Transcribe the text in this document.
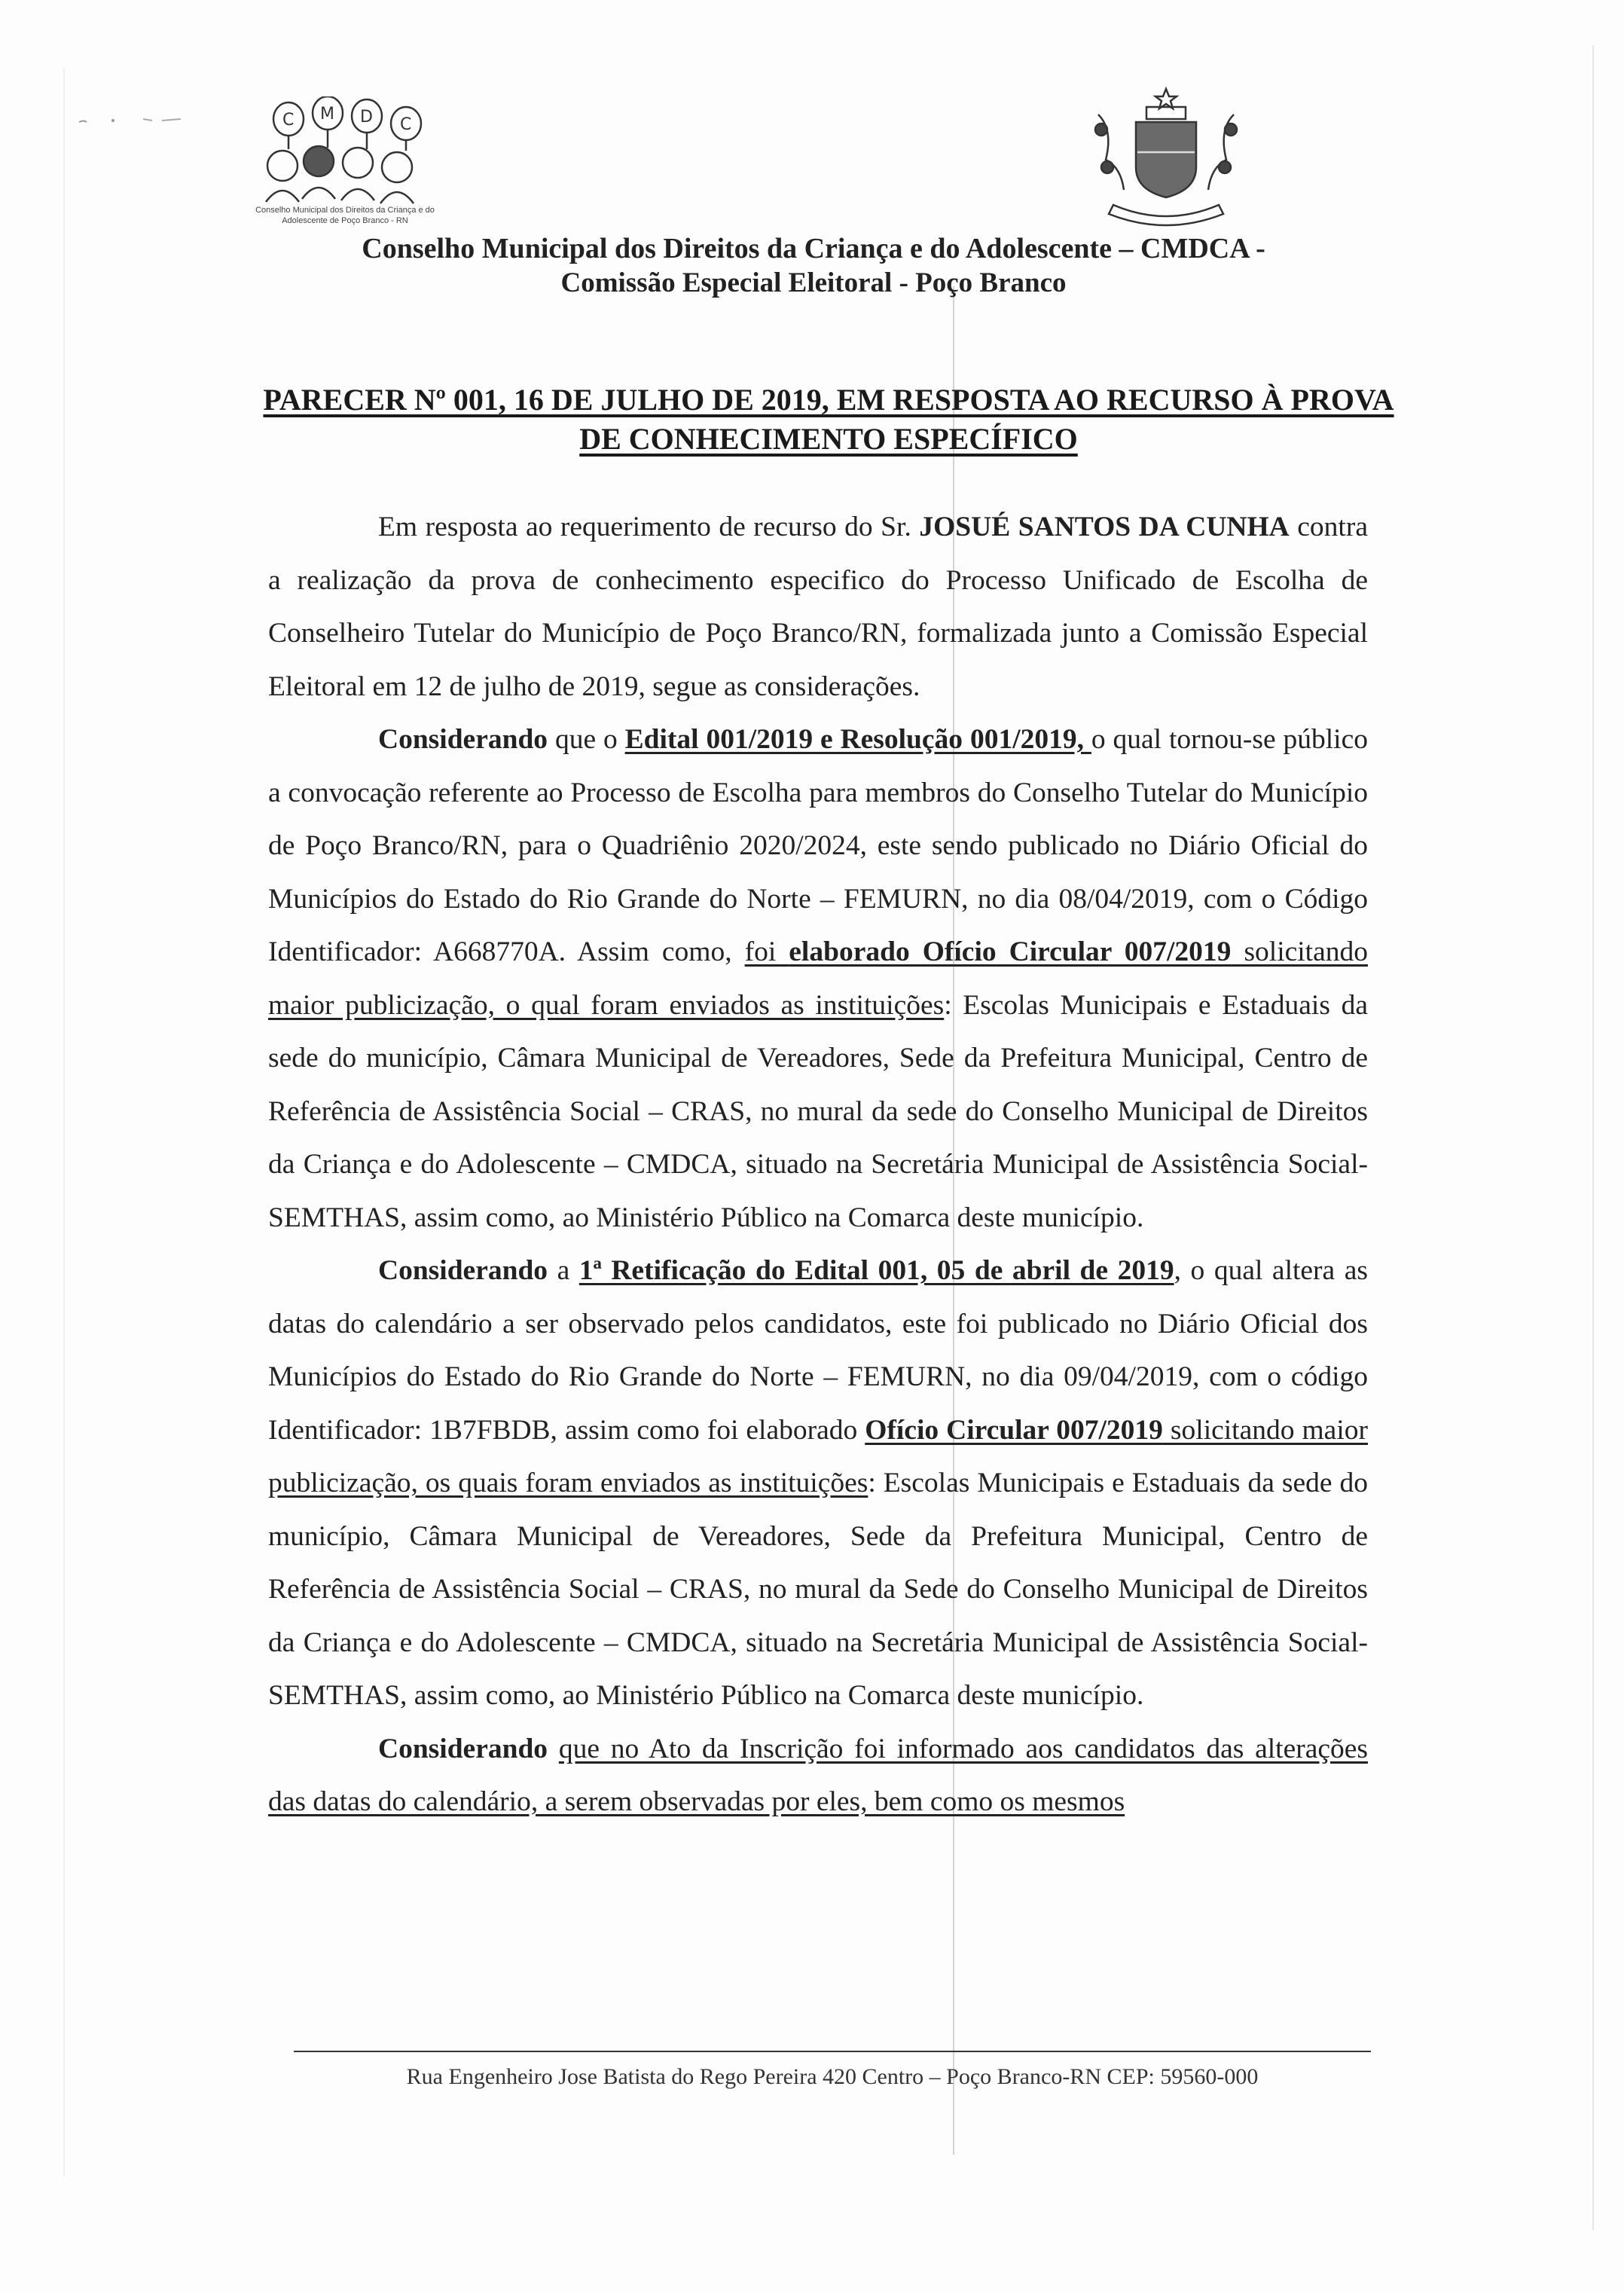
C M D C
Conselho Municipal dos Direitos da Criança e do Adolescente de Poço Branco - RN
Conselho Municipal dos Direitos da Criança e do Adolescente – CMDCA -
Comissão Especial Eleitoral - Poço Branco
PARECER Nº 001, 16 DE JULHO DE 2019, EM RESPOSTA AO RECURSO À PROVA DE CONHECIMENTO ESPECÍFICO

Em resposta ao requerimento de recurso do Sr. JOSUÉ SANTOS DA CUNHA contra a realização da prova de conhecimento especifico do Processo Unificado de Escolha de Conselheiro Tutelar do Município de Poço Branco/RN, formalizada junto a Comissão Especial Eleitoral em 12 de julho de 2019, segue as considerações.

Considerando que o Edital 001/2019 e Resolução 001/2019, o qual tornou-se público a convocação referente ao Processo de Escolha para membros do Conselho Tutelar do Município de Poço Branco/RN, para o Quadriênio 2020/2024, este sendo publicado no Diário Oficial do Municípios do Estado do Rio Grande do Norte – FEMURN, no dia 08/04/2019, com o Código Identificador: A668770A. Assim como, foi elaborado Ofício Circular 007/2019 solicitando maior publicização, o qual foram enviados as instituições: Escolas Municipais e Estaduais da sede do município, Câmara Municipal de Vereadores, Sede da Prefeitura Municipal, Centro de Referência de Assistência Social – CRAS, no mural da sede do Conselho Municipal de Direitos da Criança e do Adolescente – CMDCA, situado na Secretária Municipal de Assistência Social- SEMTHAS, assim como, ao Ministério Público na Comarca deste município.

Considerando a 1ª Retificação do Edital 001, 05 de abril de 2019, o qual altera as datas do calendário a ser observado pelos candidatos, este foi publicado no Diário Oficial dos Municípios do Estado do Rio Grande do Norte – FEMURN, no dia 09/04/2019, com o código Identificador: 1B7FBDB, assim como foi elaborado Ofício Circular 007/2019 solicitando maior publicização, os quais foram enviados as instituições: Escolas Municipais e Estaduais da sede do município, Câmara Municipal de Vereadores, Sede da Prefeitura Municipal, Centro de Referência de Assistência Social – CRAS, no mural da Sede do Conselho Municipal de Direitos da Criança e do Adolescente – CMDCA, situado na Secretária Municipal de Assistência Social- SEMTHAS, assim como, ao Ministério Público na Comarca deste município.

Considerando que no Ato da Inscrição foi informado aos candidatos das alterações das datas do calendário, a serem observadas por eles, bem como os mesmos

Rua Engenheiro Jose Batista do Rego Pereira 420 Centro – Poço Branco-RN CEP: 59560-000
